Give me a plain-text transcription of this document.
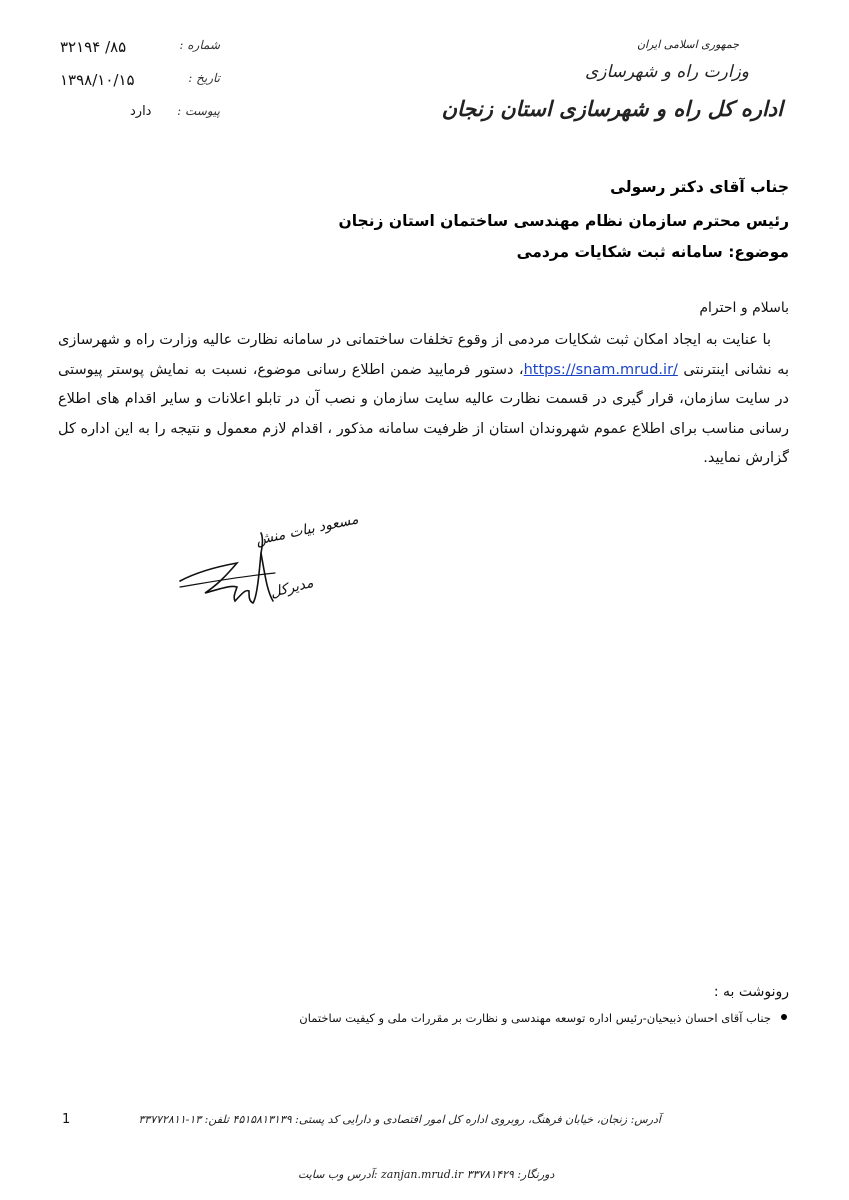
جمهوری اسلامی ایران
وزارت راه و شهرسازی
اداره کل راه و شهرسازی استان زنجان
شماره :
۸۵/ ۳۲۱۹۴
تاریخ :
۱۳۹۸/۱۰/۱۵
پیوست :
دارد
جناب آقای دکتر رسولی
رئیس محترم سازمان نظام مهندسی ساختمان استان زنجان
موضوع: سامانه ثبت شکایات مردمی
باسلام و احترام
با عنایت به ایجاد امکان ثبت شکایات مردمی از وقوع تخلفات ساختمانی در سامانه نظارت عالیه وزارت راه و شهرسازی به نشانی اینترنتی https://snam.mrud.ir/، دستور فرمایید ضمن اطلاع رسانی موضوع، نسبت به نمایش پوستر پیوستی در سایت سازمان، قرار گیری در قسمت نظارت عالیه سایت سازمان و نصب آن در تابلو اعلانات و سایر اقدام های اطلاع رسانی مناسب برای اطلاع عموم شهروندان استان از ظرفیت سامانه مذکور ، اقدام لازم معمول و نتیجه را به این اداره کل گزارش نمایید.
مسعود بیات منش
مدیرکل
رونوشت به :
جناب آقای احسان ذبیحیان-رئیس اداره توسعه مهندسی و نظارت بر مقررات ملی و کیفیت ساختمان
1	آدرس: زنجان، خیابان فرهنگ، روبروی اداره کل امور اقتصادی و دارایی کد پستی: ۴۵۱۵۸۱۳۱۳۹ تلفن: ۱۳-۳۳۷۷۲۸۱۱
آدرس وب سایت: zanjan.mrud.ir دورنگار: ۳۳۷۸۱۴۲۹
